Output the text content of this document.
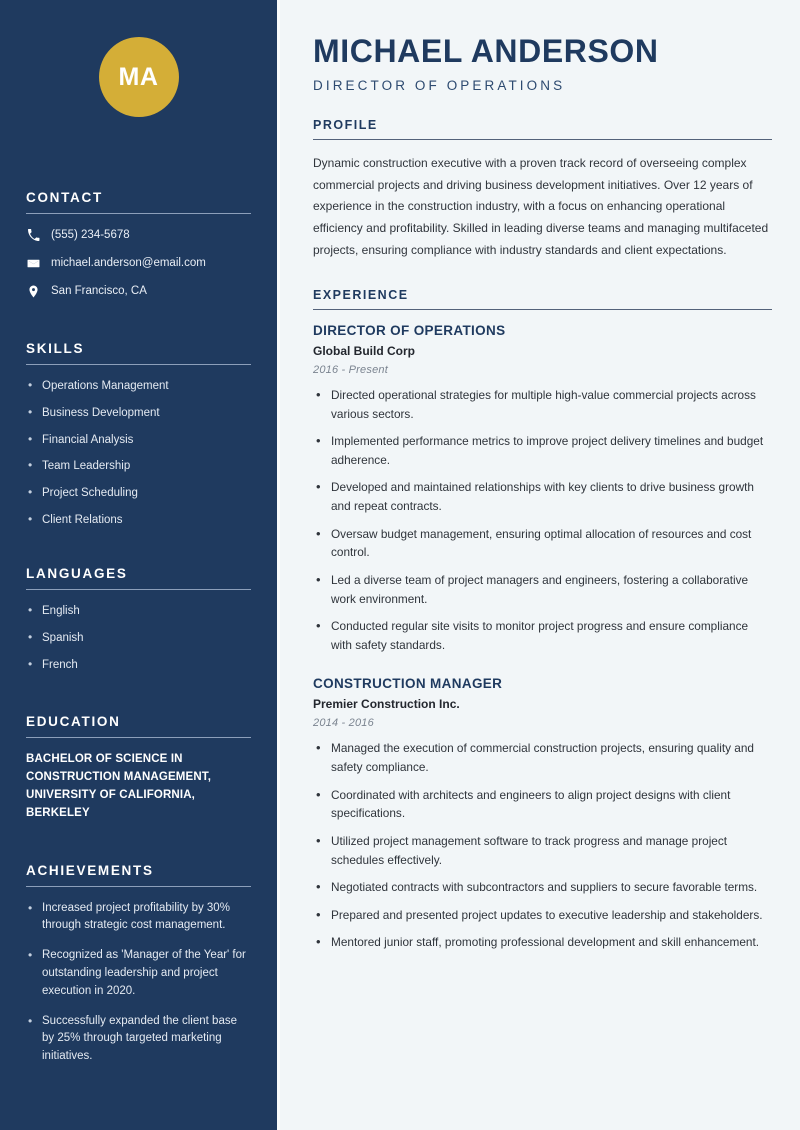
MA
CONTACT
(555) 234-5678
michael.anderson@email.com
San Francisco, CA
SKILLS
• Operations Management
• Business Development
• Financial Analysis
• Team Leadership
• Project Scheduling
• Client Relations
LANGUAGES
• English
• Spanish
• French
EDUCATION
BACHELOR OF SCIENCE IN CONSTRUCTION MANAGEMENT, UNIVERSITY OF CALIFORNIA, BERKELEY
ACHIEVEMENTS
• Increased project profitability by 30% through strategic cost management.
• Recognized as 'Manager of the Year' for outstanding leadership and project execution in 2020.
• Successfully expanded the client base by 25% through targeted marketing initiatives.
MICHAEL ANDERSON
DIRECTOR OF OPERATIONS
PROFILE

Dynamic construction executive with a proven track record of overseeing complex commercial projects and driving business development initiatives. Over 12 years of experience in the construction industry, with a focus on enhancing operational efficiency and profitability. Skilled in leading diverse teams and managing multifaceted projects, ensuring compliance with industry standards and client expectations.

EXPERIENCE
DIRECTOR OF OPERATIONS
Global Build Corp
2016 - Present
• Directed operational strategies for multiple high-value commercial projects across various sectors.
• Implemented performance metrics to improve project delivery timelines and budget adherence.
• Developed and maintained relationships with key clients to drive business growth and repeat contracts.
• Oversaw budget management, ensuring optimal allocation of resources and cost control.
• Led a diverse team of project managers and engineers, fostering a collaborative work environment.
• Conducted regular site visits to monitor project progress and ensure compliance with safety standards.
CONSTRUCTION MANAGER
Premier Construction Inc.
2014 - 2016
• Managed the execution of commercial construction projects, ensuring quality and safety compliance.
• Coordinated with architects and engineers to align project designs with client specifications.
• Utilized project management software to track progress and manage project schedules effectively.
• Negotiated contracts with subcontractors and suppliers to secure favorable terms.
• Prepared and presented project updates to executive leadership and stakeholders.
• Mentored junior staff, promoting professional development and skill enhancement.
